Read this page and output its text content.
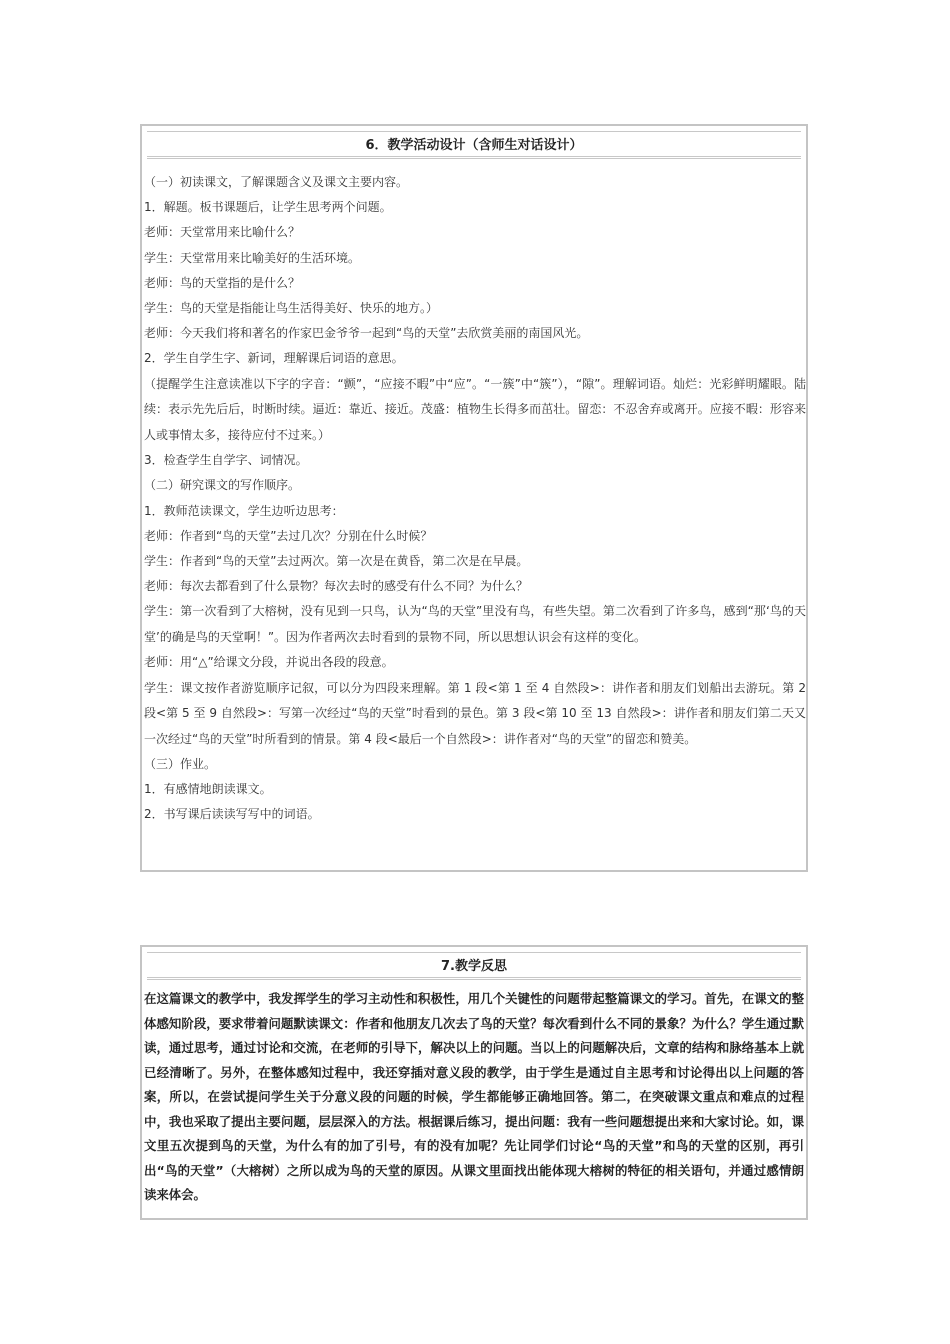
6．教学活动设计（含师生对话设计）

（一）初读课文，了解课题含义及课文主要内容。

1．解题。板书课题后，让学生思考两个问题。

老师：天堂常用来比喻什么？

学生：天堂常用来比喻美好的生活环境。

老师：鸟的天堂指的是什么？

学生：鸟的天堂是指能让鸟生活得美好、快乐的地方。）

老师：今天我们将和著名的作家巴金爷爷一起到“鸟的天堂”去欣赏美丽的南国风光。

2．学生自学生字、新词，理解课后词语的意思。

（提醒学生注意读准以下字的字音：“颤”，“应接不暇”中“应”。“一簇”中“簇”），“隙”。理解词语。灿烂：光彩鲜明耀眼。陆续：表示先先后后，时断时续。逼近：靠近、接近。茂盛：植物生长得多而茁壮。留恋：不忍舍弃或离开。应接不暇：形容来人或事情太多，接待应付不过来。）

3．检查学生自学字、词情况。

（二）研究课文的写作顺序。

1．教师范读课文，学生边听边思考：

老师：作者到“鸟的天堂”去过几次？分别在什么时候？

学生：作者到“鸟的天堂”去过两次。第一次是在黄昏，第二次是在早晨。

老师：每次去都看到了什么景物？每次去时的感受有什么不同？为什么？

学生：第一次看到了大榕树，没有见到一只鸟，认为“鸟的天堂”里没有鸟，有些失望。第二次看到了许多鸟，感到“那‘鸟的天堂’的确是鸟的天堂啊！”。因为作者两次去时看到的景物不同，所以思想认识会有这样的变化。

老师：用“△”给课文分段，并说出各段的段意。

学生：课文按作者游览顺序记叙，可以分为四段来理解。第 1 段<第 1 至 4 自然段>：讲作者和朋友们划船出去游玩。第 2 段<第 5 至 9 自然段>：写第一次经过“鸟的天堂”时看到的景色。第 3 段<第 10 至 13 自然段>：讲作者和朋友们第二天又一次经过“鸟的天堂”时所看到的情景。第 4 段<最后一个自然段>：讲作者对“鸟的天堂”的留恋和赞美。

（三）作业。

1．有感情地朗读课文。

2．书写课后读读写写中的词语。

7.教学反思

在这篇课文的教学中，我发挥学生的学习主动性和积极性，用几个关键性的问题带起整篇课文的学习。首先，在课文的整体感知阶段，要求带着问题默读课文：作者和他朋友几次去了鸟的天堂？每次看到什么不同的景象？为什么？学生通过默读，通过思考，通过讨论和交流，在老师的引导下，解决以上的问题。当以上的问题解决后，文章的结构和脉络基本上就已经清晰了。另外，在整体感知过程中，我还穿插对意义段的教学，由于学生是通过自主思考和讨论得出以上问题的答案，所以，在尝试提问学生关于分意义段的问题的时候，学生都能够正确地回答。第二，在突破课文重点和难点的过程中，我也采取了提出主要问题，层层深入的方法。根据课后练习，提出问题：我有一些问题想提出来和大家讨论。如，课文里五次提到鸟的天堂，为什么有的加了引号，有的没有加呢？先让同学们讨论“鸟的天堂”和鸟的天堂的区别，再引出“鸟的天堂”（大榕树）之所以成为鸟的天堂的原因。从课文里面找出能体现大榕树的特征的相关语句，并通过感情朗读来体会。
